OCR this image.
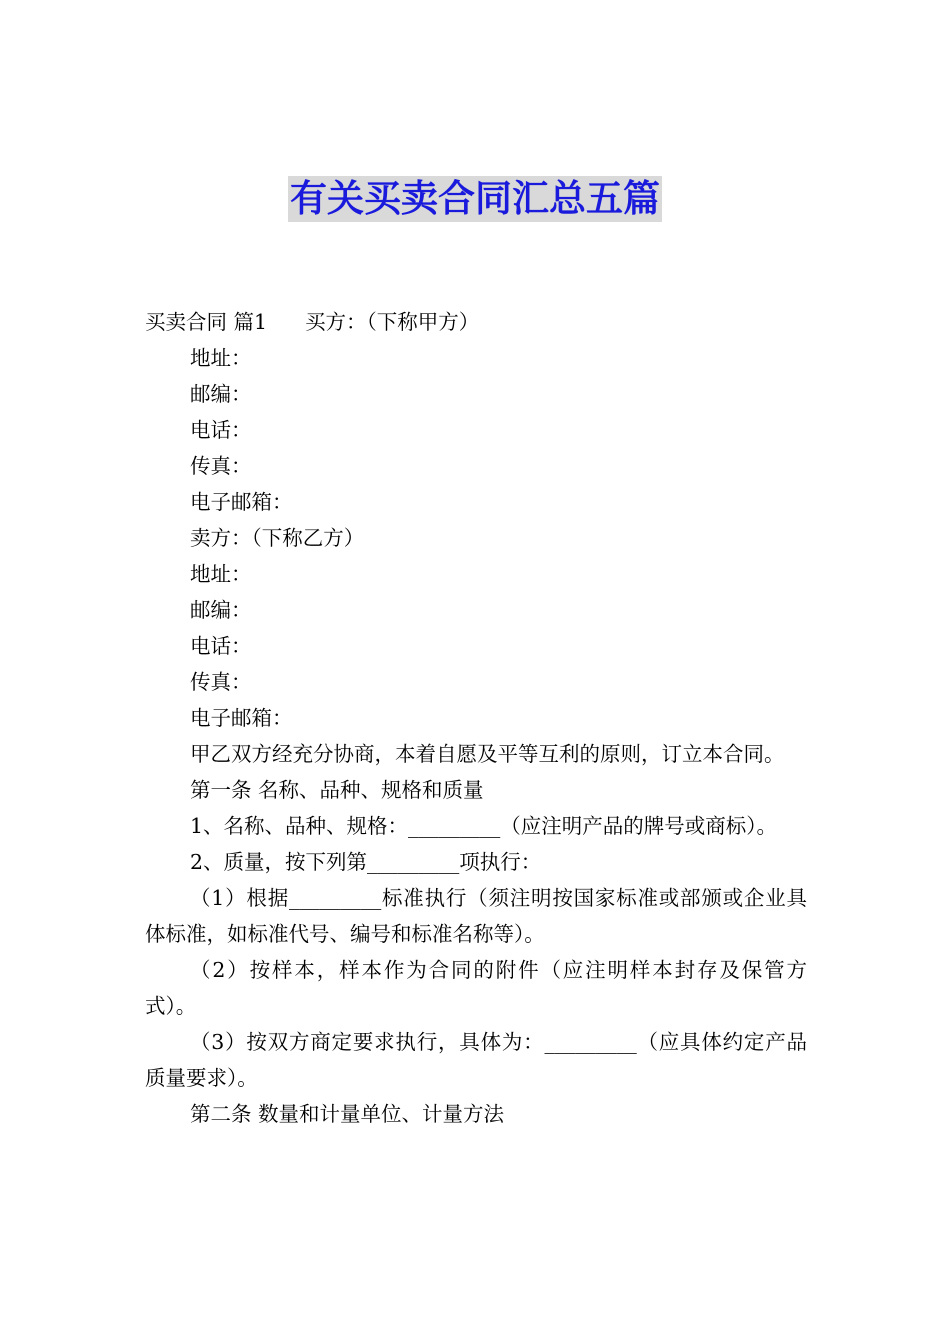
有关买卖合同汇总五篇

买卖合同 篇1 买方：（下称甲方）

地址：

邮编：

电话：

传真：

电子邮箱：

卖方：（下称乙方）

地址：

邮编：

电话：

传真：

电子邮箱：

甲乙双方经充分协商，本着自愿及平等互利的原则，订立本合同。

第一条 名称、品种、规格和质量

1、名称、品种、规格：_________（应注明产品的牌号或商标）。

2、质量，按下列第_________项执行：

（1）根据_________标准执行（须注明按国家标准或部颁或企业具体标准，如标准代号、编号和标准名称等）。

（2）按样本，样本作为合同的附件（应注明样本封存及保管方式）。

（3）按双方商定要求执行，具体为：_________（应具体约定产品质量要求）。

第二条 数量和计量单位、计量方法
